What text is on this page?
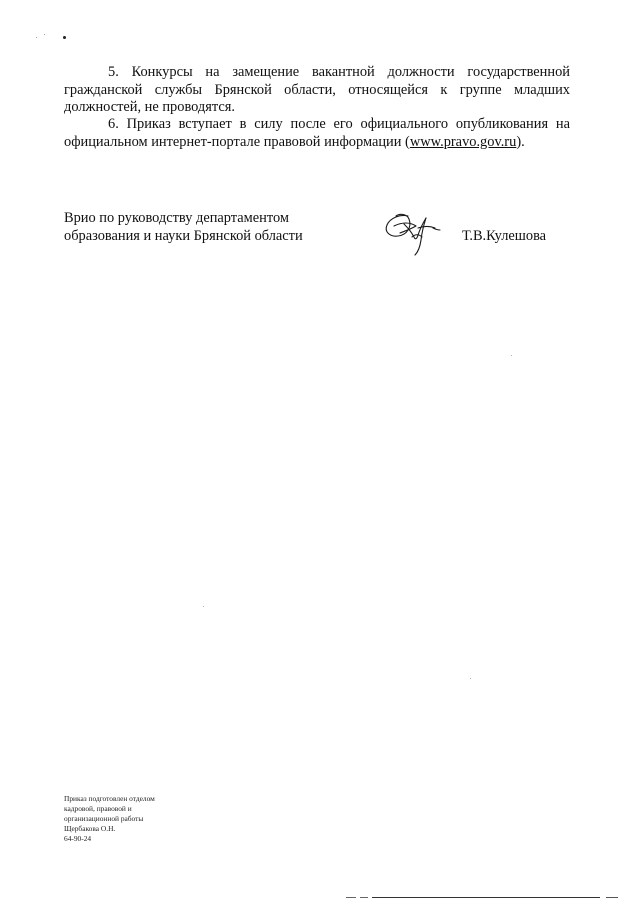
5. Конкурсы на замещение вакантной должности государственной гражданской службы Брянской области, относящейся к группе младших должностей, не проводятся.

6. Приказ вступает в силу после его официального опубликования на официальном интернет-портале правовой информации (www.pravo.gov.ru).

Врио по руководству департаментом
образования и науки Брянской области	Т.В.Кулешова
Приказ подготовлен отделом
кадровой, правовой и
организационной работы
Щербакова О.Н.
64-90-24
